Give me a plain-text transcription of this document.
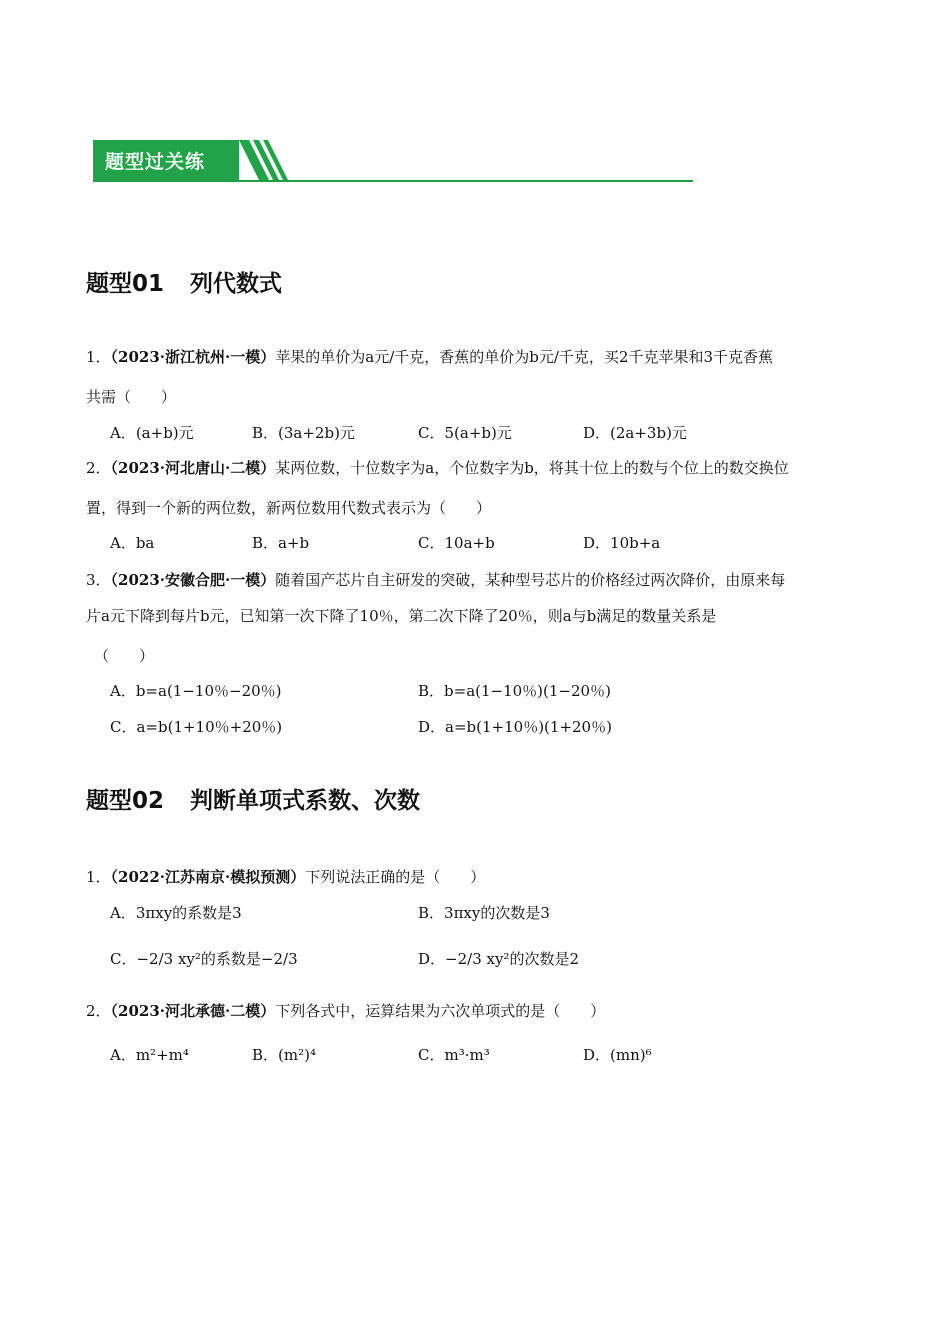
题型过关练
题型01 列代数式
1．（2023·浙江杭州·一模）苹果的单价为a元/千克，香蕉的单价为b元/千克，买2千克苹果和3千克香蕉
共需（　　）
A．(a+b)元	B．(3a+2b)元	C．5(a+b)元	D．(2a+3b)元
2．（2023·河北唐山·二模）某两位数，十位数字为a，个位数字为b，将其十位上的数与个位上的数交换位
置，得到一个新的两位数，新两位数用代数式表示为（　　）
A．ba	B．a+b	C．10a+b	D．10b+a
3．（2023·安徽合肥·一模）随着国产芯片自主研发的突破，某种型号芯片的价格经过两次降价，由原来每
片a元下降到每片b元，已知第一次下降了10％，第二次下降了20％，则a与b满足的数量关系是
（　　）
A．b=a(1−10％−20％)	B．b=a(1−10％)(1−20％)
C．a=b(1+10％+20％)	D．a=b(1+10％)(1+20％)
题型02 判断单项式系数、次数
1．（2022·江苏南京·模拟预测）下列说法正确的是（　　）
A．3πxy的系数是3	B．3πxy的次数是3
C．−2/3 xy²的系数是−2/3	D．−2/3 xy²的次数是2
2．（2023·河北承德·二模）下列各式中，运算结果为六次单项式的是（　　）
A．m²+m⁴	B．(m²)⁴	C．m³·m³	D．(mn)⁶
